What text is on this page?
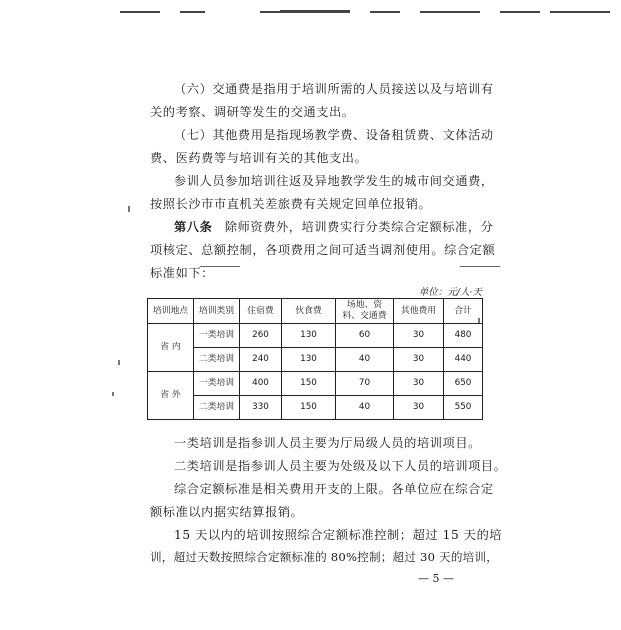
（六）交通费是指用于培训所需的人员接送以及与培训有

关的考察、调研等发生的交通支出。

（七）其他费用是指现场教学费、设备租赁费、文体活动

费、医药费等与培训有关的其他支出。

参训人员参加培训往返及异地教学发生的城市间交通费，

按照长沙市市直机关差旅费有关规定回单位报销。

第八条 除师资费外，培训费实行分类综合定额标准，分

项核定、总额控制，各项费用之间可适当调剂使用。综合定额

标准如下：

单位：元/人·天
培训地点	培训类别	住宿费	伙食费	场地、资料、交通费	其他费用	合计
省 内	一类培训	260	130	60	30	480
	二类培训	240	130	40	30	440
省 外	一类培训	400	150	70	30	650
	二类培训	330	150	40	30	550

一类培训是指参训人员主要为厅局级人员的培训项目。

二类培训是指参训人员主要为处级及以下人员的培训项目。

综合定额标准是相关费用开支的上限。各单位应在综合定

额标准以内据实结算报销。

15 天以内的培训按照综合定额标准控制；超过 15 天的培

训，超过天数按照综合定额标准的 80%控制；超过 30 天的培训，

— 5 —
